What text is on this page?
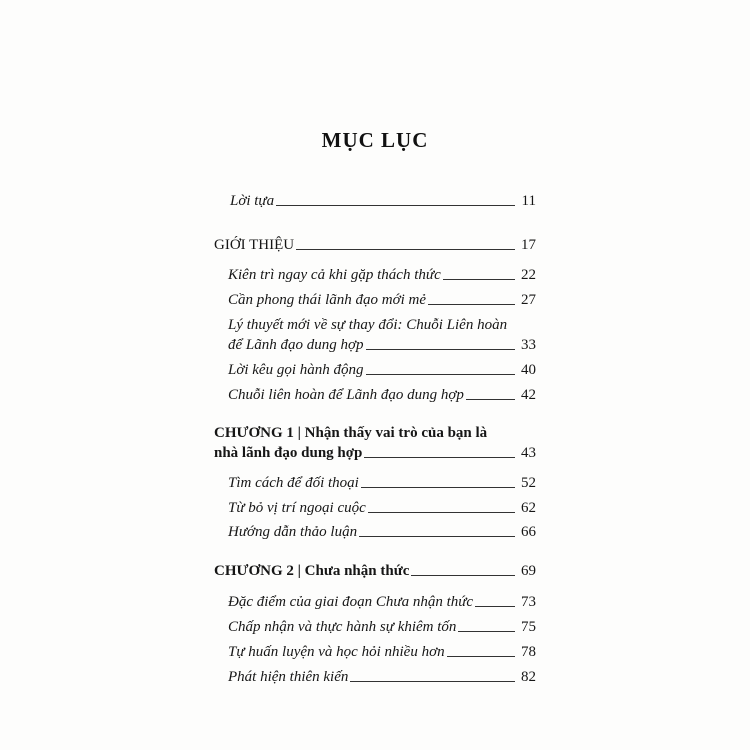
MỤC LỤC
Lời tựa	11
GIỚI THIỆU	17
Kiên trì ngay cả khi gặp thách thức	22
Cần phong thái lãnh đạo mới mẻ	27
Lý thuyết mới về sự thay đổi: Chuỗi Liên hoàn
để Lãnh đạo dung hợp	33
Lời kêu gọi hành động	40
Chuỗi liên hoàn để Lãnh đạo dung hợp	42
CHƯƠNG 1 | Nhận thấy vai trò của bạn là
nhà lãnh đạo dung hợp	43
Tìm cách để đối thoại	52
Từ bỏ vị trí ngoại cuộc	62
Hướng dẫn thảo luận	66
CHƯƠNG 2 | Chưa nhận thức	69
Đặc điểm của giai đoạn Chưa nhận thức	73
Chấp nhận và thực hành sự khiêm tốn	75
Tự huấn luyện và học hỏi nhiều hơn	78
Phát hiện thiên kiến	82
